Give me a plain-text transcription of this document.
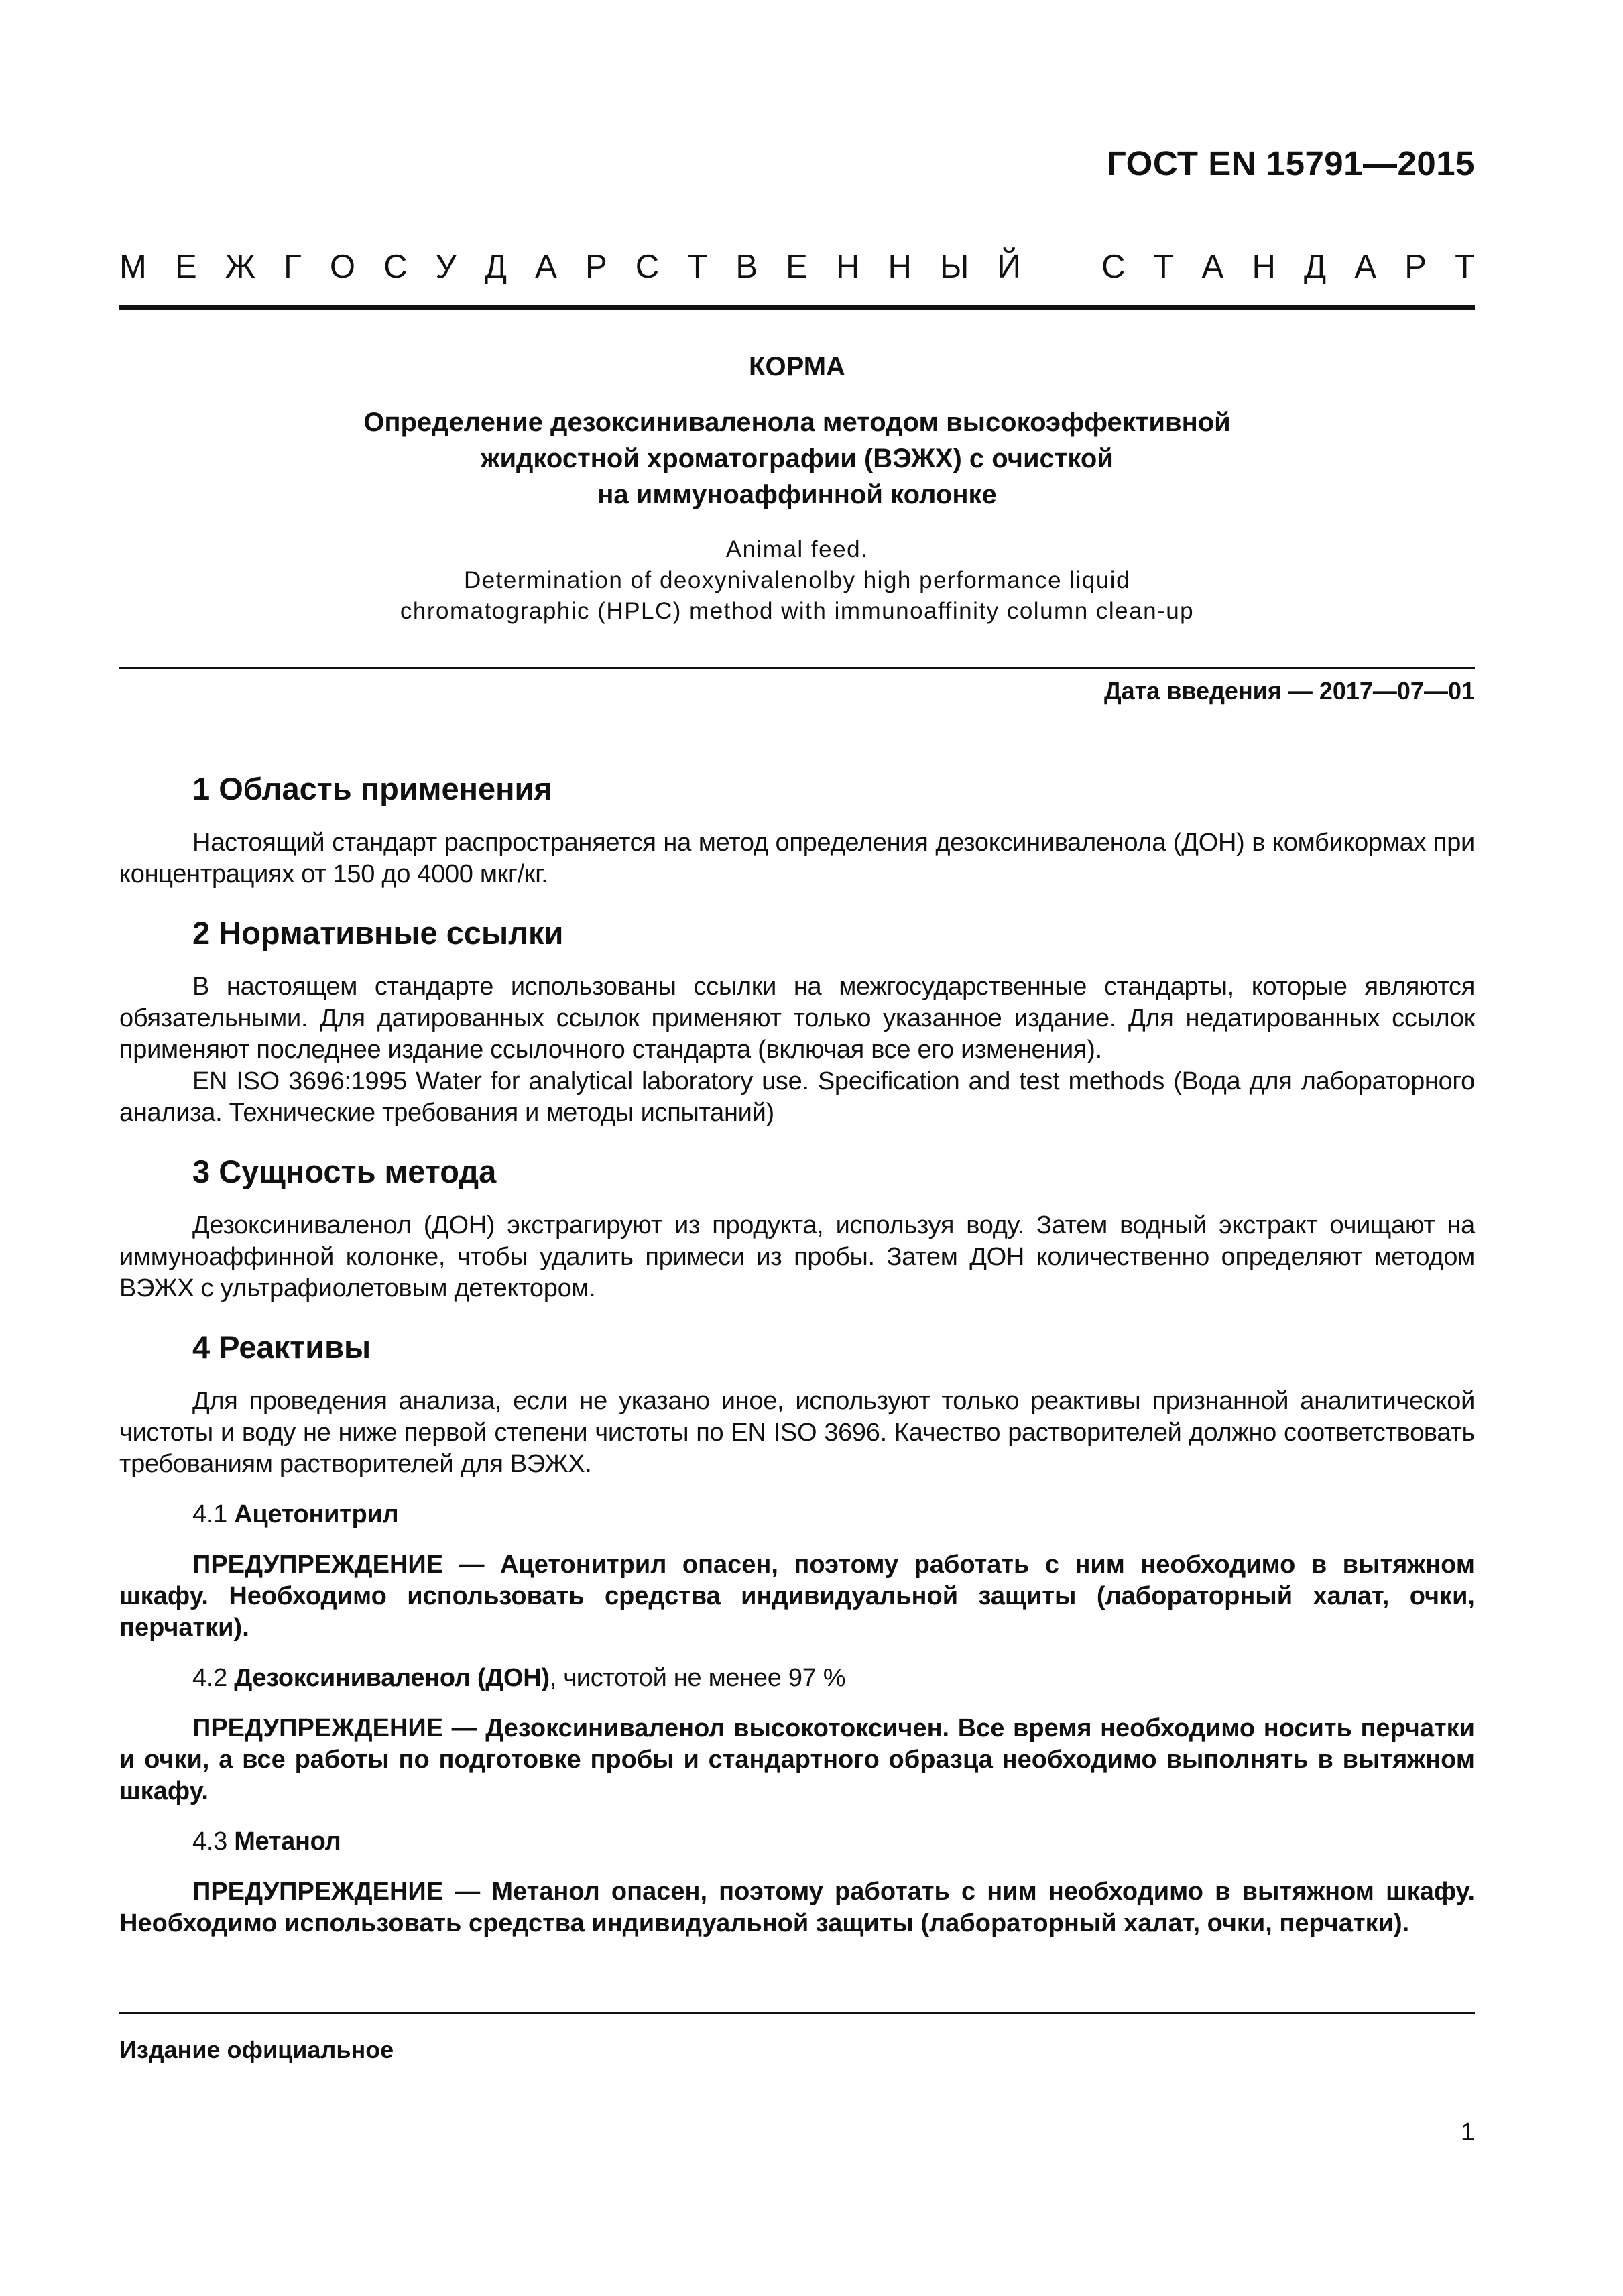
ГОСТ EN 15791—2015
М Е Ж Г О С У Д А Р С Т В Е Н Н Ы Й С Т А Н Д А Р Т
КОРМА
Определение дезоксиниваленола методом высокоэффективной
жидкостной хроматографии (ВЭЖХ) с очисткой
на иммуноаффинной колонке
Animal feed.
Determination of deoxynivalenolby high performance liquid
chromatographic (HPLC) method with immunoaffinity column clean-up
Дата введения — 2017—07—01
1 Область применения

Настоящий стандарт распространяется на метод определения дезоксиниваленола (ДОН) в комбикормах при концентрациях от 150 до 4000 мкг/кг.

2 Нормативные ссылки

В настоящем стандарте использованы ссылки на межгосударственные стандарты, которые являются обязательными. Для датированных ссылок применяют только указанное издание. Для недатированных ссылок применяют последнее издание ссылочного стандарта (включая все его изменения).

EN ISO 3696:1995 Water for analytical laboratory use. Specification and test methods (Вода для лабораторного анализа. Технические требования и методы испытаний)

3 Сущность метода

Дезоксиниваленол (ДОН) экстрагируют из продукта, используя воду. Затем водный экстракт очищают на иммуноаффинной колонке, чтобы удалить примеси из пробы. Затем ДОН количественно определяют методом ВЭЖХ с ультрафиолетовым детектором.

4 Реактивы

Для проведения анализа, если не указано иное, используют только реактивы признанной аналитической чистоты и воду не ниже первой степени чистоты по EN ISO 3696. Качество растворителей должно соответствовать требованиям растворителей для ВЭЖХ.

4.1 Ацетонитрил

ПРЕДУПРЕЖДЕНИЕ — Ацетонитрил опасен, поэтому работать с ним необходимо в вытяжном шкафу. Необходимо использовать средства индивидуальной защиты (лабораторный халат, очки, перчатки).

4.2 Дезоксиниваленол (ДОН), чистотой не менее 97 %

ПРЕДУПРЕЖДЕНИЕ — Дезоксиниваленол высокотоксичен. Все время необходимо носить перчатки и очки, а все работы по подготовке пробы и стандартного образца необходимо выполнять в вытяжном шкафу.

4.3 Метанол

ПРЕДУПРЕЖДЕНИЕ — Метанол опасен, поэтому работать с ним необходимо в вытяжном шкафу. Необходимо использовать средства индивидуальной защиты (лабораторный халат, очки, перчатки).

Издание официальное
1
